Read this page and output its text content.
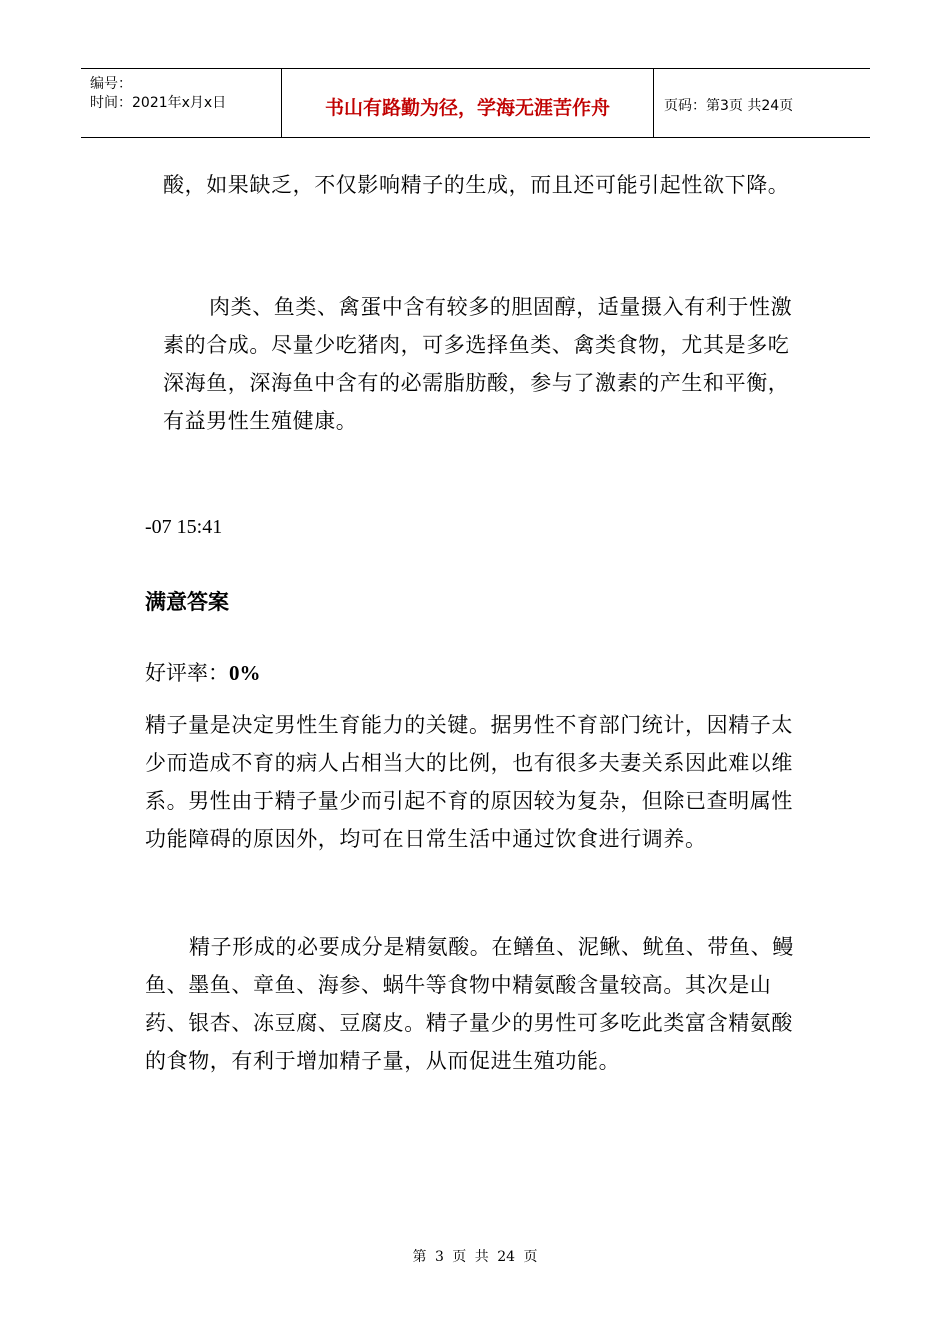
编号：
时间：2021年x月x日	书山有路勤为径，学海无涯苦作舟	页码：第3页 共24页

酸，如果缺乏，不仅影响精子的生成，而且还可能引起性欲下降。

肉类、鱼类、禽蛋中含有较多的胆固醇，适量摄入有利于性激素的合成。尽量少吃猪肉，可多选择鱼类、禽类食物，尤其是多吃深海鱼，深海鱼中含有的必需脂肪酸，参与了激素的产生和平衡，有益男性生殖健康。

-07 15:41
满意答案
好评率：0%

精子量是决定男性生育能力的关键。据男性不育部门统计，因精子太少而造成不育的病人占相当大的比例，也有很多夫妻关系因此难以维系。男性由于精子量少而引起不育的原因较为复杂，但除已查明属性功能障碍的原因外，均可在日常生活中通过饮食进行调养。

精子形成的必要成分是精氨酸。在鳝鱼、泥鳅、鱿鱼、带鱼、鳗鱼、墨鱼、章鱼、海参、蜗牛等食物中精氨酸含量较高。其次是山药、银杏、冻豆腐、豆腐皮。精子量少的男性可多吃此类富含精氨酸的食物，有利于增加精子量，从而促进生殖功能。

第 3 页 共 24 页
